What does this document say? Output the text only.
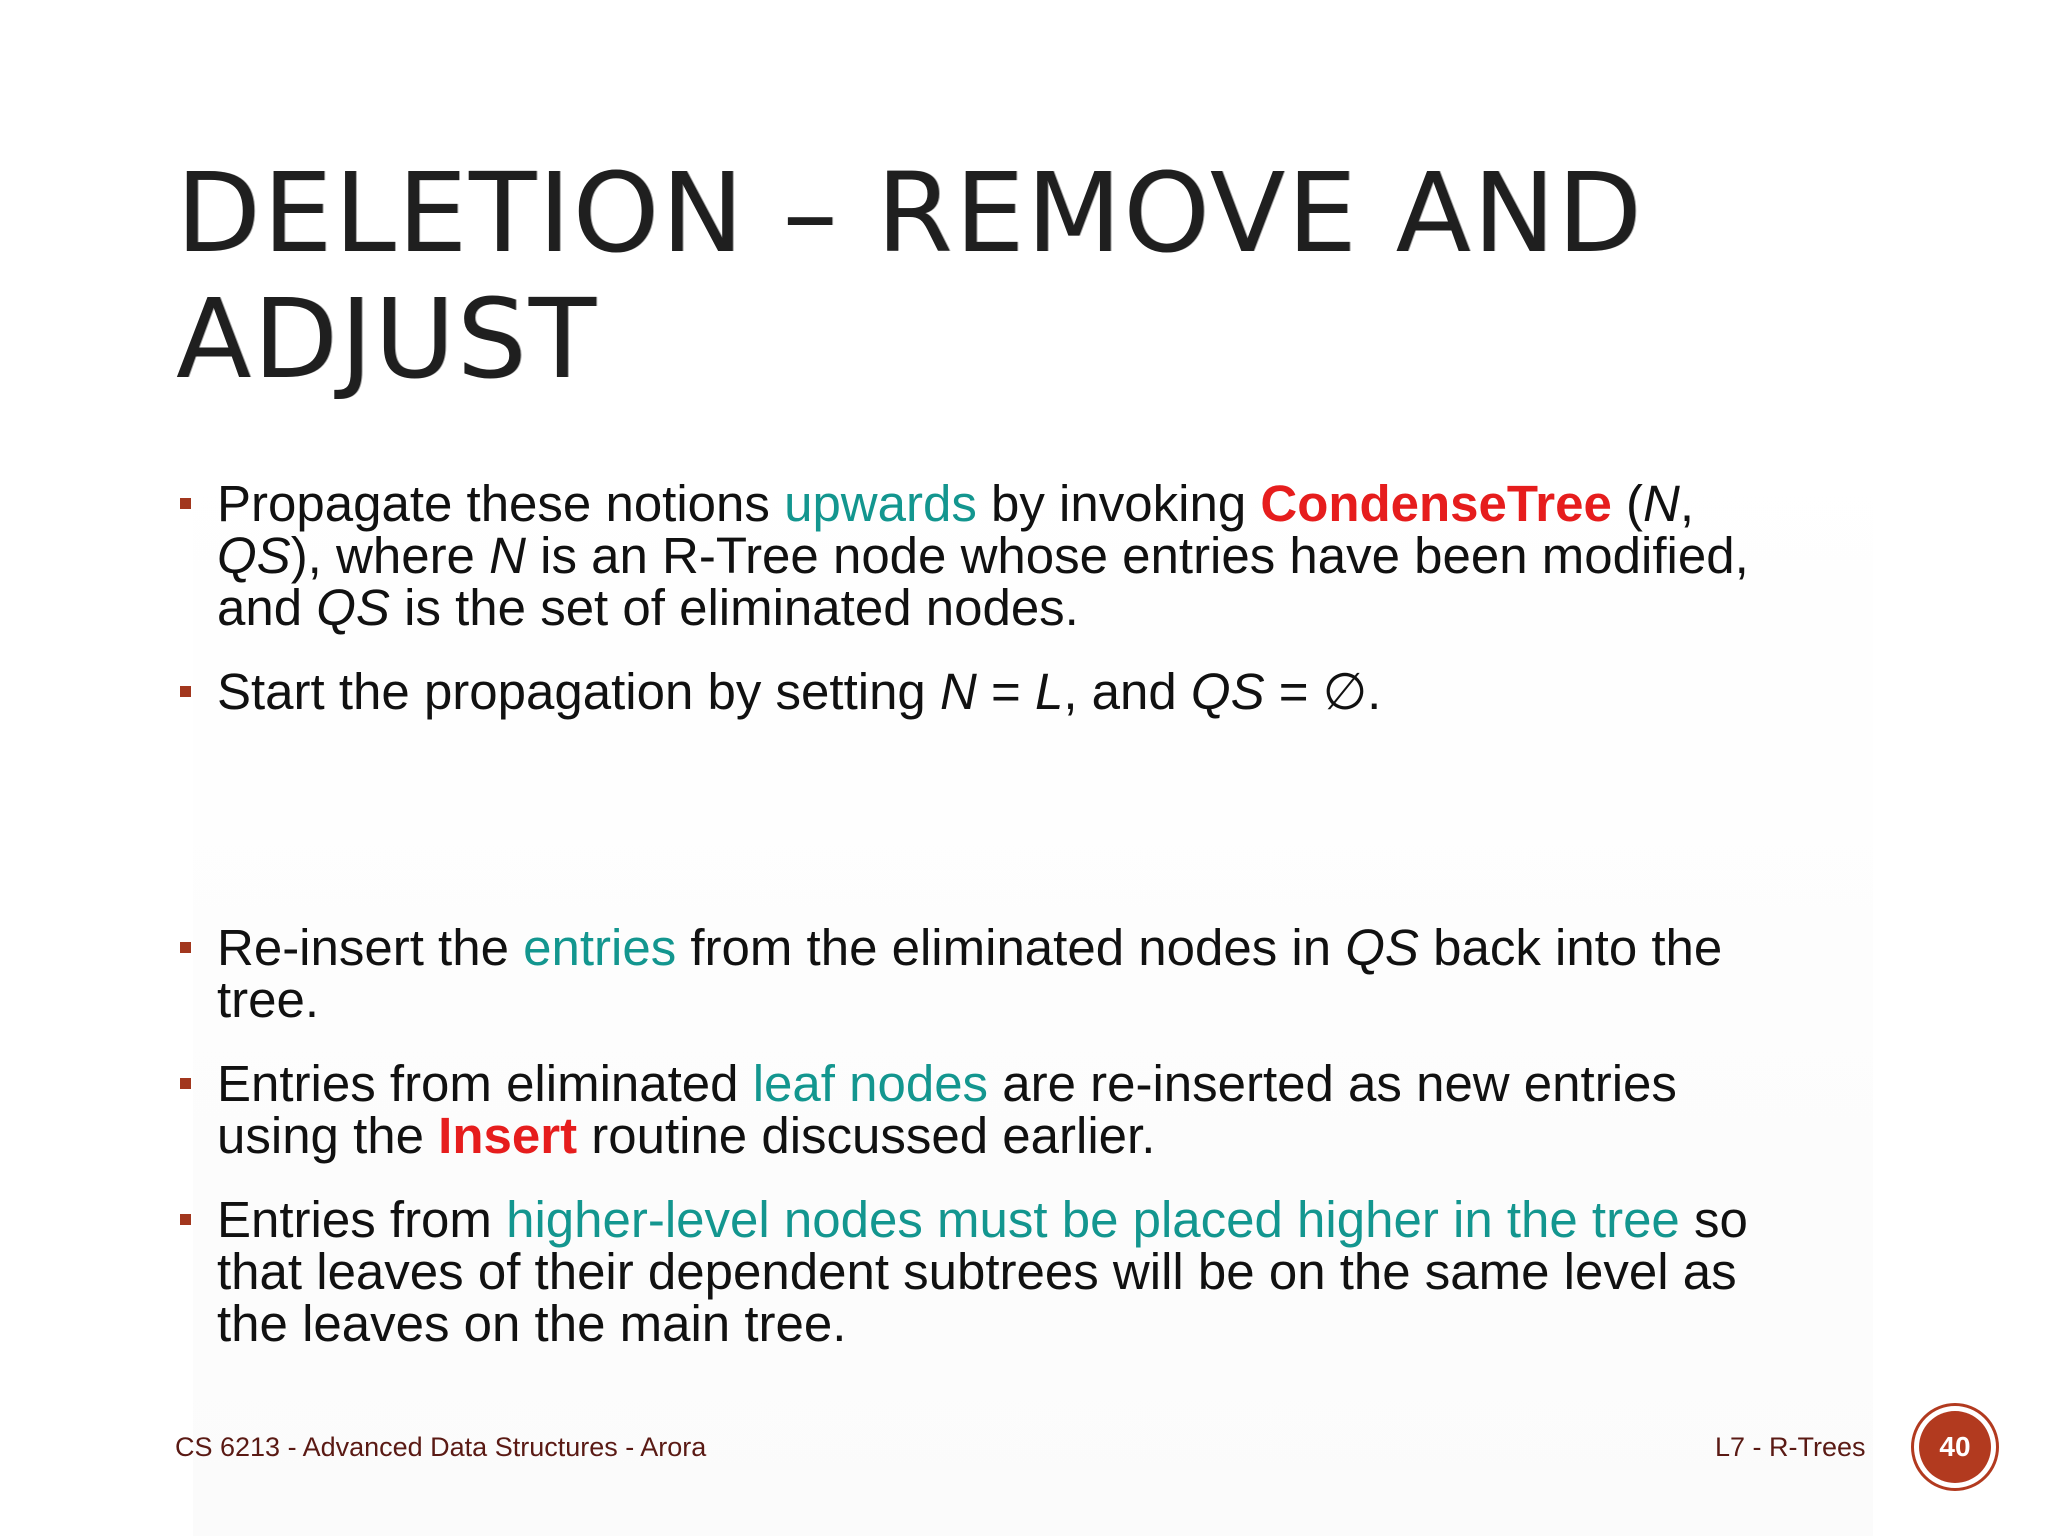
DELETION – REMOVE AND
ADJUST
Propagate these notions upwards by invoking CondenseTree (N,
QS), where N is an R-Tree node whose entries have been modified,
and QS is the set of eliminated nodes.
Start the propagation by setting N = L, and QS = ∅.
Re-insert the entries from the eliminated nodes in QS back into the
tree.
Entries from eliminated leaf nodes are re-inserted as new entries
using the Insert routine discussed earlier.
Entries from higher-level nodes must be placed higher in the tree so
that leaves of their dependent subtrees will be on the same level as
the leaves on the main tree.
CS 6213 - Advanced Data Structures - Arora	L7 - R-Trees	40
